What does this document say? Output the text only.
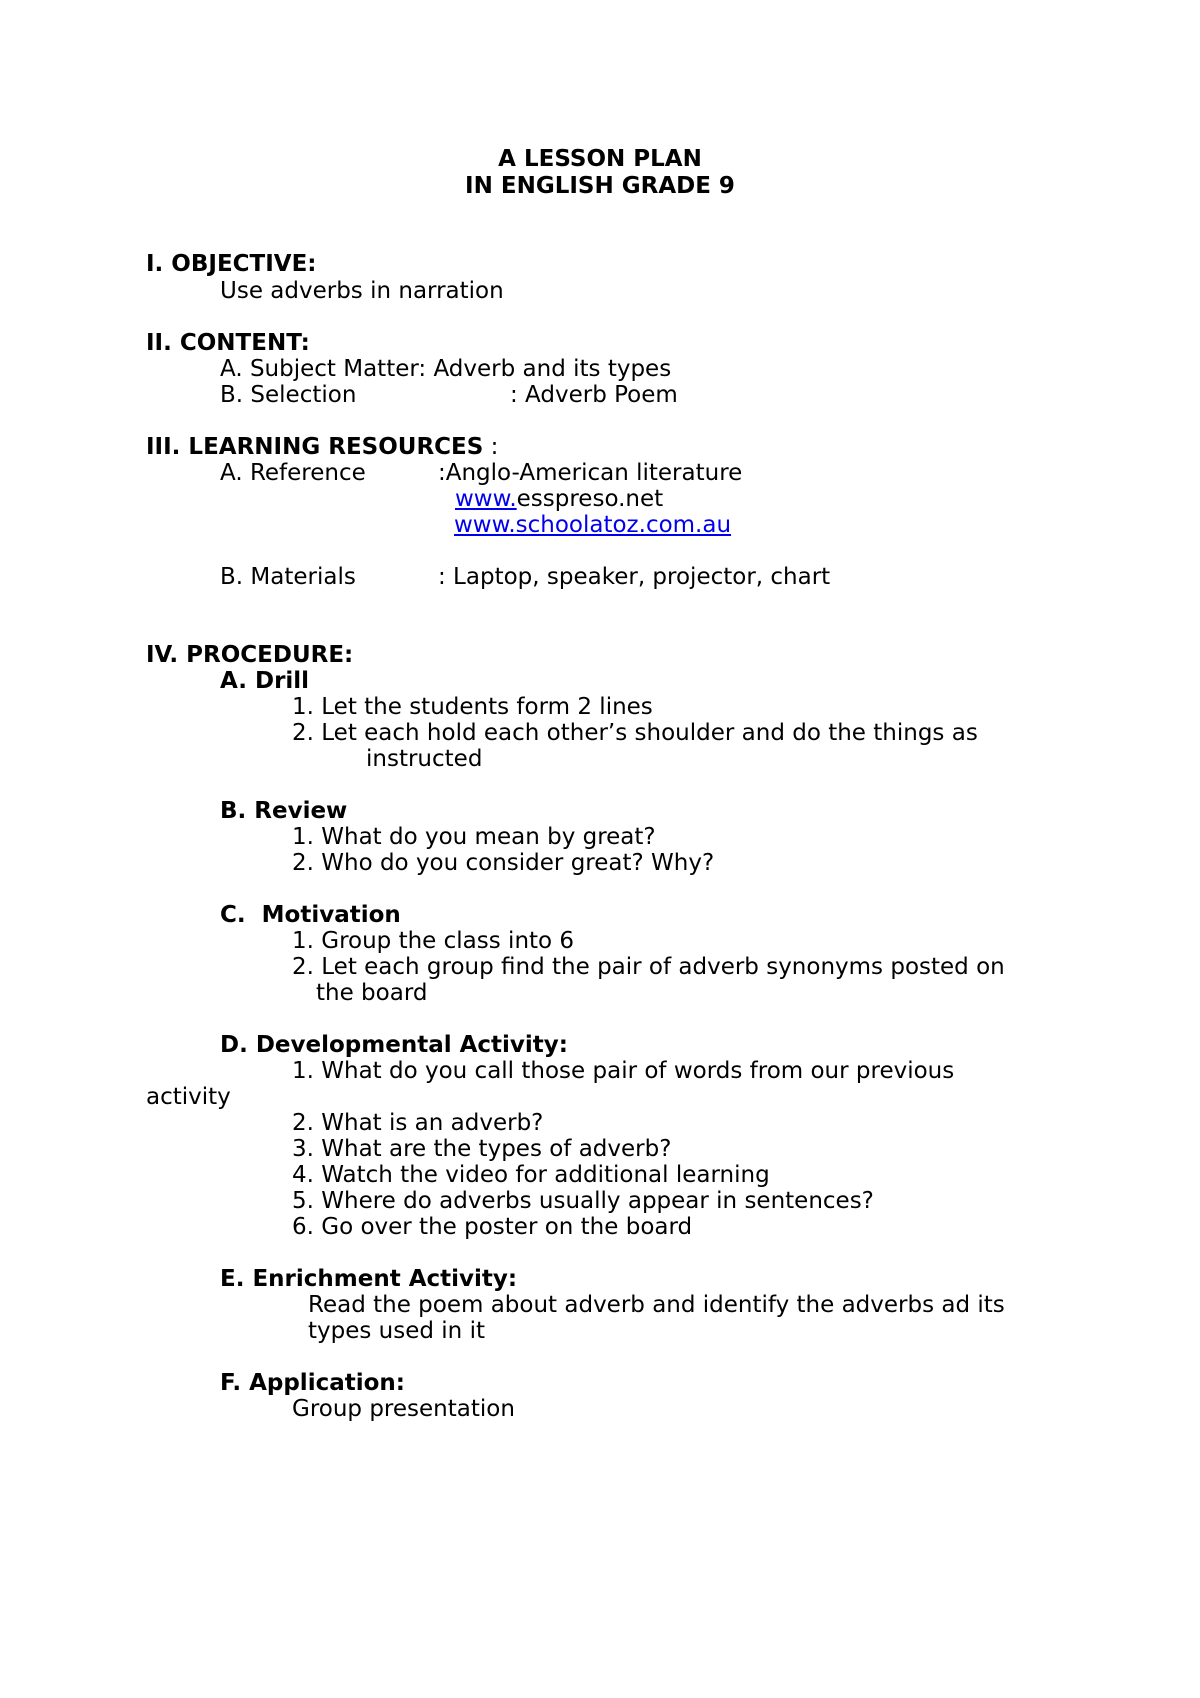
A LESSON PLAN
IN ENGLISH GRADE 9
I. OBJECTIVE:
Use adverbs in narration
II. CONTENT:
A. Subject Matter: Adverb and its types
B. Selection	: Adverb Poem
III. LEARNING RESOURCES :
A. Reference	:Anglo-American literature
www.esspreso.net
www.schoolatoz.com.au
B. Materials	: Laptop, speaker, projector, chart
IV. PROCEDURE:
A. Drill
1. Let the students form 2 lines
2. Let each hold each other’s shoulder and do the things as
instructed
B. Review
1. What do you mean by great?
2. Who do you consider great? Why?
C.  Motivation
1. Group the class into 6
2. Let each group find the pair of adverb synonyms posted on
the board
D. Developmental Activity:
1. What do you call those pair of words from our previous
activity
2. What is an adverb?
3. What are the types of adverb?
4. Watch the video for additional learning
5. Where do adverbs usually appear in sentences?
6. Go over the poster on the board
E. Enrichment Activity:
Read the poem about adverb and identify the adverbs ad its
types used in it
F. Application:
Group presentation
